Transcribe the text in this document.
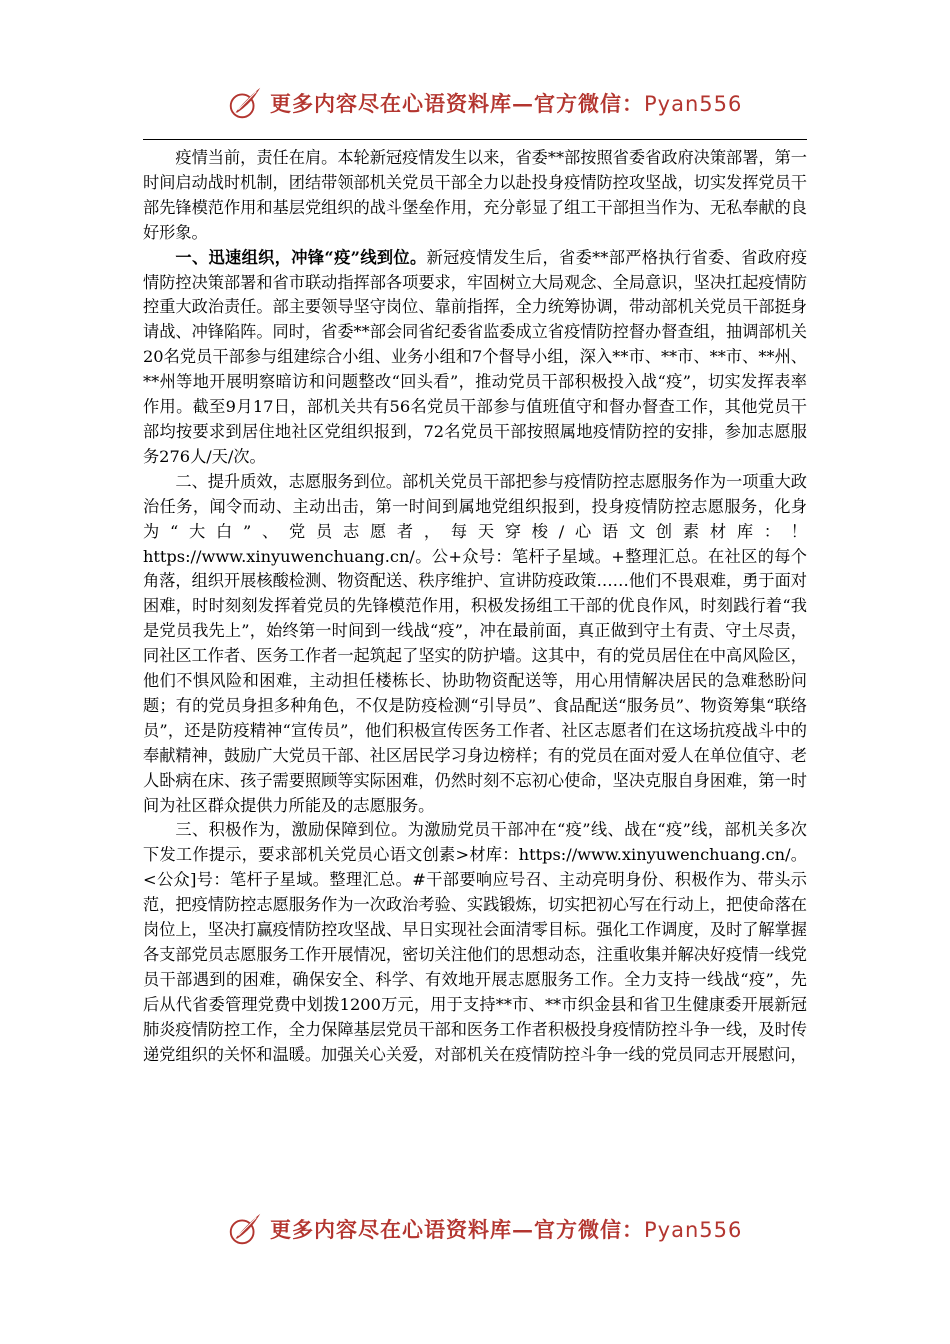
更多内容尽在心语资料库—官方微信：Pyan556

疫情当前，责任在肩。本轮新冠疫情发生以来，省委**部按照省委省政府决策部署，第一时间启动战时机制，团结带领部机关党员干部全力以赴投身疫情防控攻坚战，切实发挥党员干部先锋模范作用和基层党组织的战斗堡垒作用，充分彰显了组工干部担当作为、无私奉献的良好形象。

一、迅速组织，冲锋“疫”线到位。新冠疫情发生后，省委**部严格执行省委、省政府疫情防控决策部署和省市联动指挥部各项要求，牢固树立大局观念、全局意识，坚决扛起疫情防控重大政治责任。部主要领导坚守岗位、靠前指挥，全力统筹协调，带动部机关党员干部挺身请战、冲锋陷阵。同时，省委**部会同省纪委省监委成立省疫情防控督办督查组，抽调部机关20名党员干部参与组建综合小组、业务小组和7个督导小组，深入**市、**市、**市、**州、**州等地开展明察暗访和问题整改“回头看”，推动党员干部积极投入战“疫”，切实发挥表率作用。截至9月17日，部机关共有56名党员干部参与值班值守和督办督查工作，其他党员干部均按要求到居住地社区党组织报到，72名党员干部按照属地疫情防控的安排，参加志愿服务276人/天/次。

二、提升质效，志愿服务到位。部机关党员干部把参与疫情防控志愿服务作为一项重大政治任务，闻令而动、主动出击，第一时间到属地党组织报到，投身疫情防控志愿服务，化身为“大白”、党员志愿者，每天穿梭/心语文创素材库：！https://www.xinyuwenchuang.cn/。公+众号：笔杆子星域。+整理汇总。在社区的每个角落，组织开展核酸检测、物资配送、秩序维护、宣讲防疫政策……他们不畏艰难，勇于面对困难，时时刻刻发挥着党员的先锋模范作用，积极发扬组工干部的优良作风，时刻践行着“我是党员我先上”，始终第一时间到一线战“疫”，冲在最前面，真正做到守土有责、守土尽责，同社区工作者、医务工作者一起筑起了坚实的防护墙。这其中，有的党员居住在中高风险区，他们不惧风险和困难，主动担任楼栋长、协助物资配送等，用心用情解决居民的急难愁盼问题；有的党员身担多种角色，不仅是防疫检测“引导员”、食品配送“服务员”、物资筹集“联络员”，还是防疫精神“宣传员”，他们积极宣传医务工作者、社区志愿者们在这场抗疫战斗中的奉献精神，鼓励广大党员干部、社区居民学习身边榜样；有的党员在面对爱人在单位值守、老人卧病在床、孩子需要照顾等实际困难，仍然时刻不忘初心使命，坚决克服自身困难，第一时间为社区群众提供力所能及的志愿服务。

三、积极作为，激励保障到位。为激励党员干部冲在“疫”线、战在“疫”线，部机关多次下发工作提示，要求部机关党员心语文创素>材库：https://www.xinyuwenchuang.cn/。<公众]号：笔杆子星域。整理汇总。#干部要响应号召、主动亮明身份、积极作为、带头示范，把疫情防控志愿服务作为一次政治考验、实践锻炼，切实把初心写在行动上，把使命落在岗位上，坚决打赢疫情防控攻坚战、早日实现社会面清零目标。强化工作调度，及时了解掌握各支部党员志愿服务工作开展情况，密切关注他们的思想动态，注重收集并解决好疫情一线党员干部遇到的困难，确保安全、科学、有效地开展志愿服务工作。全力支持一线战“疫”，先后从代省委管理党费中划拨1200万元，用于支持**市、**市织金县和省卫生健康委开展新冠肺炎疫情防控工作，全力保障基层党员干部和医务工作者积极投身疫情防控斗争一线，及时传递党组织的关怀和温暖。加强关心关爱，对部机关在疫情防控斗争一线的党员同志开展慰问，

更多内容尽在心语资料库—官方微信：Pyan556
